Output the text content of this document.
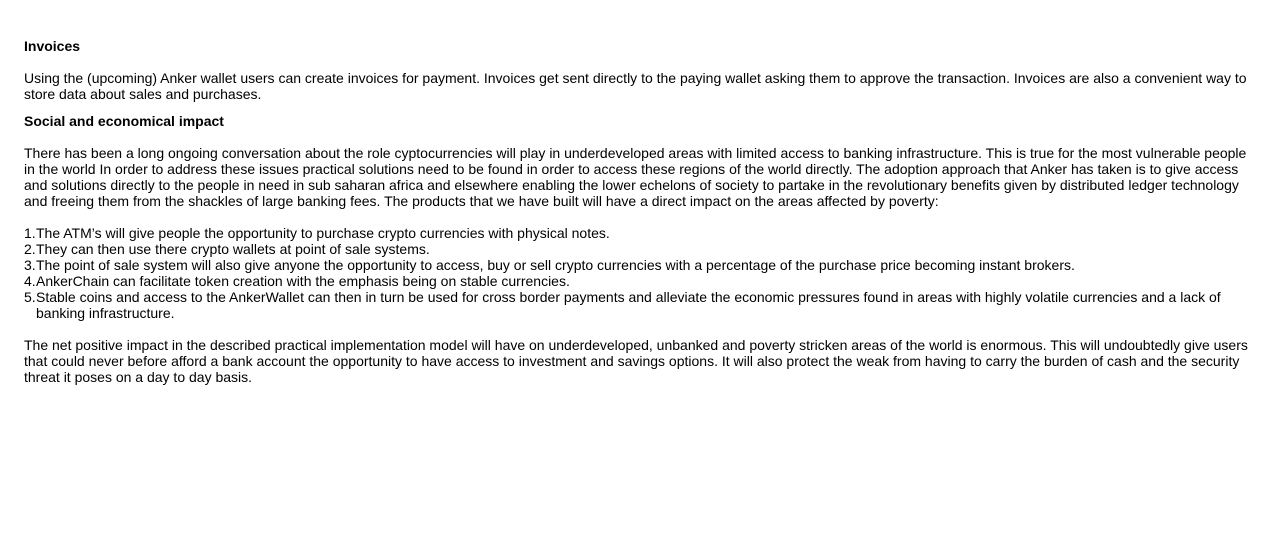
Invoices

Using the (upcoming) Anker wallet users can create invoices for payment. Invoices get sent directly to the paying wallet asking them to approve the transaction. Invoices are also a convenient way to store data about sales and purchases.

Social and economical impact

There has been a long ongoing conversation about the role cyptocurrencies will play in underdeveloped areas with limited access to banking infrastructure. This is true for the most vulnerable people in the world In order to address these issues practical solutions need to be found in order to access these regions of the world directly. The adoption approach that Anker has taken is to give access and solutions directly to the people in need in sub saharan africa and elsewhere enabling the lower echelons of society to partake in the revolutionary benefits given by distributed ledger technology and freeing them from the shackles of large banking fees. The products that we have built will have a direct impact on the areas affected by poverty:

1. The ATM’s will give people the opportunity to purchase crypto currencies with physical notes.
2. They can then use there crypto wallets at point of sale systems.
3. The point of sale system will also give anyone the opportunity to access, buy or sell crypto currencies with a percentage of the purchase price becoming instant brokers.
4. AnkerChain can facilitate token creation with the emphasis being on stable currencies.
5. Stable coins and access to the AnkerWallet can then in turn be used for cross border payments and alleviate the economic pressures found in areas with highly volatile currencies and a lack of banking infrastructure.

The net positive impact in the described practical implementation model will have on underdeveloped, unbanked and poverty stricken areas of the world is enormous. This will undoubtedly give users that could never before afford a bank account the opportunity to have access to investment and savings options. It will also protect the weak from having to carry the burden of cash and the security threat it poses on a day to day basis.
